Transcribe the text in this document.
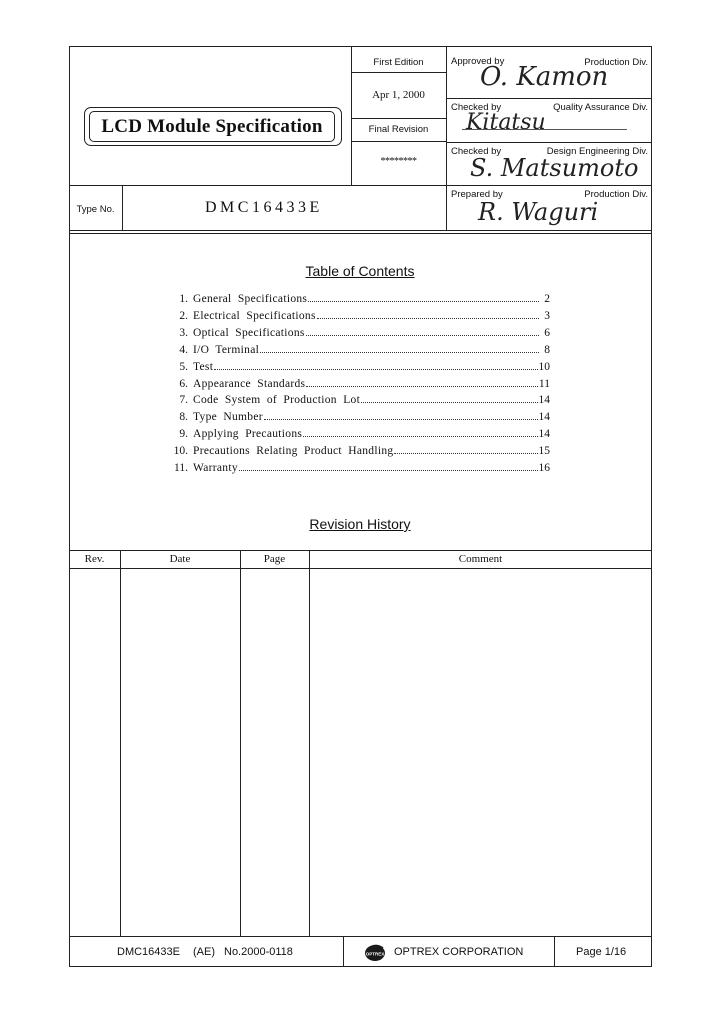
LCD Module Specification
First Edition
Apr 1, 2000
Final Revision
********
Approved by	Production Div.
O. Kamon
Checked by	Quality Assurance Div.
Kitatsu
Checked by	Design Engineering Div.
S. Matsumoto
Prepared by	Production Div.
R. Waguri
Type No.	DMC16433E
Table of Contents
1. General  Specifications	2
2. Electrical  Specifications	3
3. Optical  Specifications	6
4. I/O  Terminal	8
5. Test	10
6. Appearance  Standards	11
7. Code  System  of  Production  Lot	14
8. Type  Number	14
9. Applying  Precautions	14
10. Precautions  Relating  Product  Handling	15
11. Warranty	16
Revision History
Rev.	Date	Page	Comment
DMC16433E (AE) No.2000-0118	OPTREX OPTREX CORPORATION	Page 1/16
